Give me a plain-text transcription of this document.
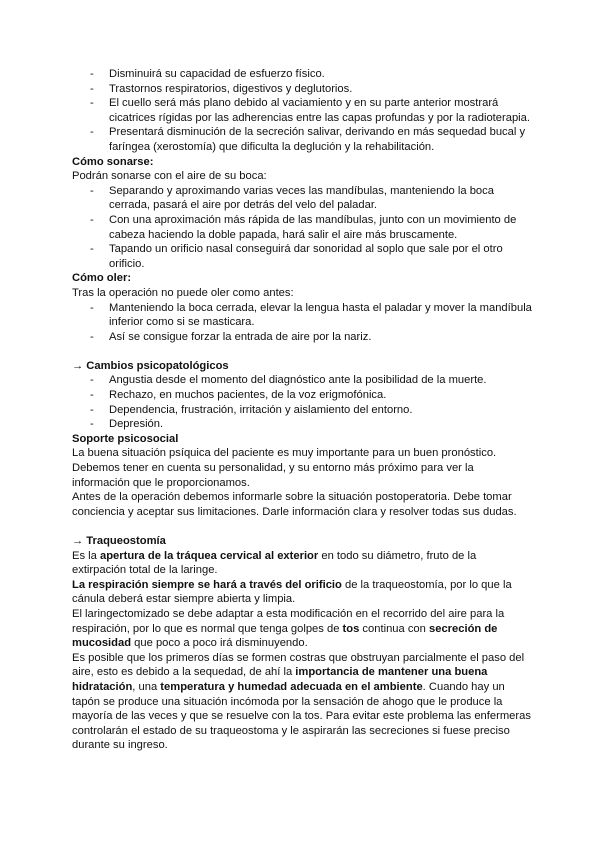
- Disminuirá su capacidad de esfuerzo físico.
- Trastornos respiratorios, digestivos y deglutorios.
- El cuello será más plano debido al vaciamiento y en su parte anterior mostrará cicatrices rígidas por las adherencias entre las capas profundas y por la radioterapia.
- Presentará disminución de la secreción salivar, derivando en más sequedad bucal y faríngea (xerostomía) que dificulta la deglución y la rehabilitación.
Cómo sonarse:

Podrán sonarse con el aire de su boca:

- Separando y aproximando varias veces las mandíbulas, manteniendo la boca cerrada, pasará el aire por detrás del velo del paladar.
- Con una aproximación más rápida de las mandíbulas, junto con un movimiento de cabeza haciendo la doble papada, hará salir el aire más bruscamente.
- Tapando un orificio nasal conseguirá dar sonoridad al soplo que sale por el otro orificio.
Cómo oler:

Tras la operación no puede oler como antes:

- Manteniendo la boca cerrada, elevar la lengua hasta el paladar y mover la mandíbula inferior como si se masticara.
- Así se consigue forzar la entrada de aire por la nariz.
→ Cambios psicopatológicos
- Angustia desde el momento del diagnóstico ante la posibilidad de la muerte.
- Rechazo, en muchos pacientes, de la voz erigmofónica.
- Dependencia, frustración, irritación y aislamiento del entorno.
- Depresión.
Soporte psicosocial

La buena situación psíquica del paciente es muy importante para un buen pronóstico. Debemos tener en cuenta su personalidad, y su entorno más próximo para ver la información que le proporcionamos.

Antes de la operación debemos informarle sobre la situación postoperatoria. Debe tomar conciencia y aceptar sus limitaciones. Darle información clara y resolver todas sus dudas.

→ Traqueostomía

Es la apertura de la tráquea cervical al exterior en todo su diámetro, fruto de la extirpación total de la laringe.

La respiración siempre se hará a través del orificio de la traqueostomía, por lo que la cánula deberá estar siempre abierta y limpia.

El laringectomizado se debe adaptar a esta modificación en el recorrido del aire para la respiración, por lo que es normal que tenga golpes de tos continua con secreción de mucosidad que poco a poco irá disminuyendo.

Es posible que los primeros días se formen costras que obstruyan parcialmente el paso del aire, esto es debido a la sequedad, de ahí la importancia de mantener una buena hidratación, una temperatura y humedad adecuada en el ambiente. Cuando hay un tapón se produce una situación incómoda por la sensación de ahogo que le produce la mayoría de las veces y que se resuelve con la tos. Para evitar este problema las enfermeras controlarán el estado de su traqueostoma y le aspirarán las secreciones si fuese preciso durante su ingreso.
